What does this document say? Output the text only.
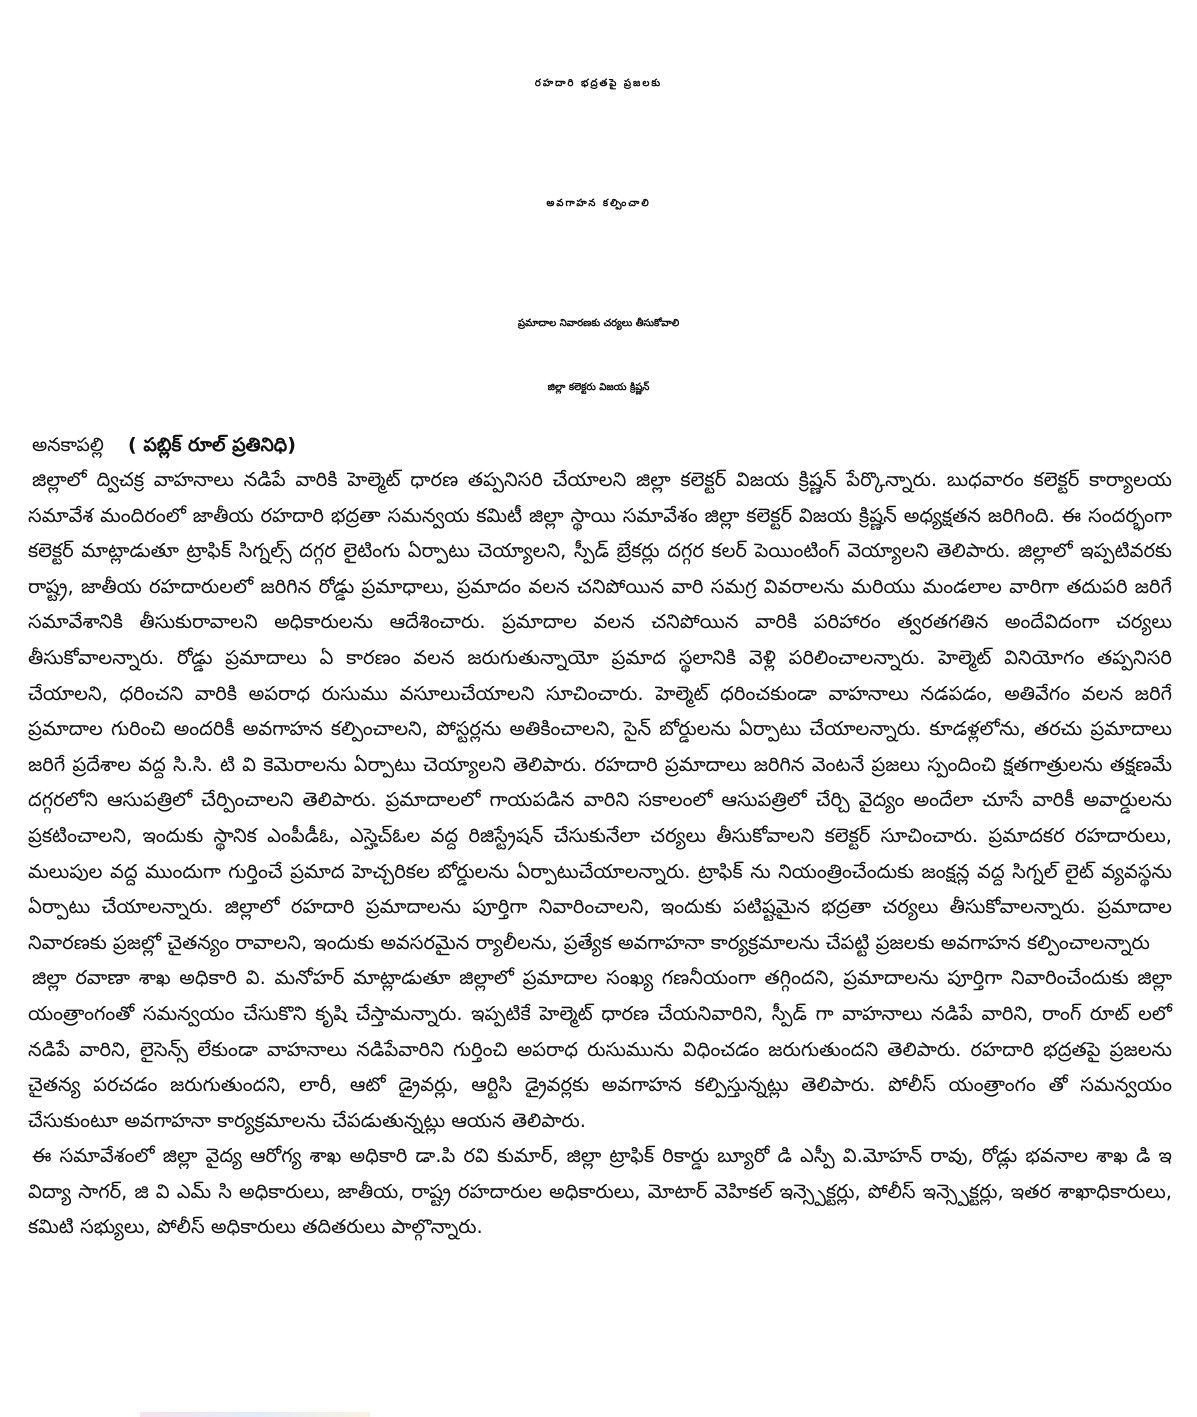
రహదారి భద్రతపై ప్రజలకు
అవగాహన కల్పించాలి
ప్రమాదాల నివారణకు చర్యలు తీసుకోవాలి
జిల్లా కలెక్టరు విజయ క్రిష్ణన్
అనకాపల్లి ( పబ్లిక్ రూల్ ప్రతినిధి)

జిల్లాలో ద్విచక్ర వాహనాలు నడిపే వారికి హెల్మెట్ ధారణ తప్పనిసరి చేయాలని జిల్లా కలెక్టర్ విజయ క్రిష్ణన్ పేర్కొన్నారు. బుధవారం కలెక్టర్ కార్యాలయ సమావేశ మందిరంలో జాతీయ రహదారి భద్రతా సమన్వయ కమిటీ జిల్లా స్థాయి సమావేశం జిల్లా కలెక్టర్ విజయ క్రిష్ణన్ అధ్యక్షతన జరిగింది. ఈ సందర్భంగా కలెక్టర్ మాట్లాడుతూ ట్రాఫిక్ సిగ్నల్స్ దగ్గర లైటింగు ఏర్పాటు చెయ్యాలని, స్పీడ్ బ్రేకర్లు దగ్గర కలర్ పెయింటింగ్ వెయ్యాలని తెలిపారు. జిల్లాలో ఇప్పటివరకు రాష్ట్ర, జాతీయ రహదారులలో జరిగిన రోడ్డు ప్రమాధాలు, ప్రమాదం వలన చనిపోయిన వారి సమగ్ర వివరాలను మరియు మండలాల వారిగా తదుపరి జరిగే సమావేశానికి తీసుకురావాలని అధికారులను ఆదేశించారు. ప్రమాదాల వలన చనిపోయిన వారికి పరిహారం త్వరతగతిన అందేవిదంగా చర్యలు తీసుకోవాలన్నారు. రోడ్డు ప్రమాదాలు ఏ కారణం వలన జరుగుతున్నాయో ప్రమాద స్థలానికి వెళ్లి పరిలించాలన్నారు. హెల్మెట్ వినియోగం తప్పనిసరి చేయాలని, ధరించని వారికి అపరాధ రుసుము వసూలుచేయాలని సూచించారు. హెల్మెట్ ధరించకుండా వాహనాలు నడపడం, అతివేగం వలన జరిగే ప్రమాదాల గురించి అందరికీ అవగాహన కల్పించాలని, పోస్టర్లను అతికించాలని, సైన్ బోర్డులను ఏర్పాటు చేయాలన్నారు. కూడళ్లలోను, తరచు ప్రమాదాలు జరిగే ప్రదేశాల వద్ద సి.సి. టి వి కెమెరాలను ఏర్పాటు చెయ్యాలని తెలిపారు. రహదారి ప్రమాదాలు జరిగిన వెంటనే ప్రజలు స్పందించి క్షతగాత్రులను తక్షణమే దగ్గరలోని ఆసుపత్రిలో చేర్పించాలని తెలిపారు. ప్రమాదాలలో గాయపడిన వారిని సకాలంలో ఆసుపత్రిలో చేర్చి వైద్యం అందేలా చూసే వారికీ అవార్డులను ప్రకటించాలని, ఇందుకు స్థానిక ఎంపీడీఓ, ఎస్హెచ్ఓల వద్ద రిజిస్ట్రేషన్ చేసుకునేలా చర్యలు తీసుకోవాలని కలెక్టర్ సూచించారు. ప్రమాదకర రహదారులు, మలుపుల వద్ద ముందుగా గుర్తించే ప్రమాద హెచ్చరికల బోర్డులను ఏర్పాటుచేయాలన్నారు. ట్రాఫిక్ ను నియంత్రించేందుకు జంక్షన్ల వద్ద సిగ్నల్ లైట్ వ్యవస్థను ఏర్పాటు చేయాలన్నారు. జిల్లాలో రహదారి ప్రమాదాలను పూర్తిగా నివారించాలని, ఇందుకు పటిష్టమైన భద్రతా చర్యలు తీసుకోవాలన్నారు. ప్రమాదాల నివారణకు ప్రజల్లో చైతన్యం రావాలని, ఇందుకు అవసరమైన ర్యాలీలను, ప్రత్యేక అవగాహనా కార్యక్రమాలను చేపట్టి ప్రజలకు అవగాహన కల్పించాలన్నారు

జిల్లా రవాణా శాఖ అధికారి వి. మనోహర్ మాట్లాడుతూ జిల్లాలో ప్రమాదాల సంఖ్య గణనీయంగా తగ్గిందని, ప్రమాదాలను పూర్తిగా నివారించేందుకు జిల్లా యంత్రాంగంతో సమన్వయం చేసుకొని కృషి చేస్తామన్నారు. ఇప్పటికే హెల్మెట్ ధారణ చేయనివారిని, స్పీడ్ గా వాహనాలు నడిపే వారిని, రాంగ్ రూట్ లలో నడిపే వారిని, లైసెన్స్ లేకుండా వాహనాలు నడిపేవారిని గుర్తించి అపరాధ రుసుమును విధించడం జరుగుతుందని తెలిపారు. రహదారి భద్రతపై ప్రజలను చైతన్య పరచడం జరుగుతుందని, లారీ, ఆటో డ్రైవర్లు, ఆర్టిసి డ్రైవర్లకు అవగాహన కల్పిస్తున్నట్లు తెలిపారు. పోలీస్ యంత్రాంగం తో సమన్వయం చేసుకుంటూ అవగాహనా కార్యక్రమాలను చేపడుతున్నట్లు ఆయన తెలిపారు.

ఈ సమావేశంలో జిల్లా వైద్య ఆరోగ్య శాఖ అధికారి డా.పి రవి కుమార్, జిల్లా ట్రాఫిక్ రికార్డు బ్యూరో డి ఎస్పీ వి.మోహన్ రావు, రోడ్లు భవనాల శాఖ డి ఇ విద్యా సాగర్, జి వి ఎమ్ సి అధికారులు, జాతీయ, రాష్ట్ర రహదారుల అధికారులు, మోటార్ వెహికల్ ఇన్స్పెక్టర్లు, పోలీస్ ఇన్స్పెక్టర్లు, ఇతర శాఖాధికారులు, కమిటి సభ్యులు, పోలీస్ అధికారులు తదితరులు పాల్గొన్నారు.
